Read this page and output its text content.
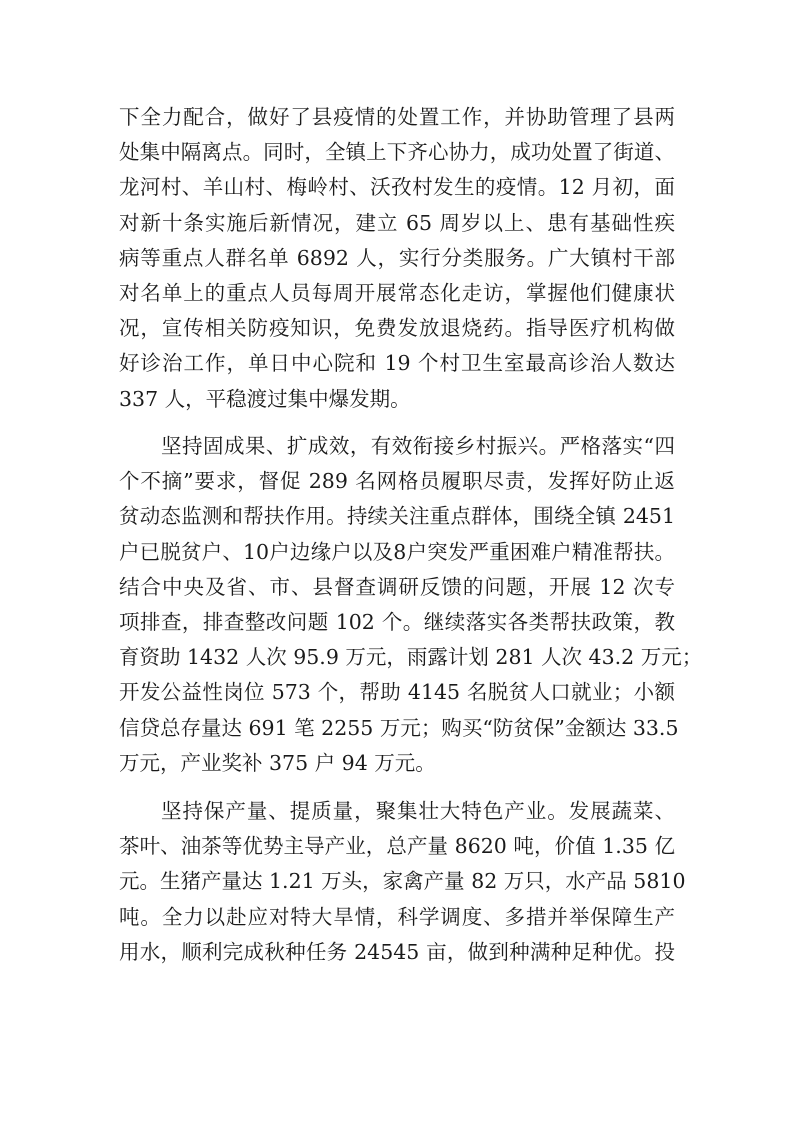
下全力配合，做好了县疫情的处置工作，并协助管理了县两
处集中隔离点。同时，全镇上下齐心协力，成功处置了街道、
龙河村、羊山村、梅岭村、沃孜村发生的疫情。12 月初，面
对新十条实施后新情况，建立 65 周岁以上、患有基础性疾
病等重点人群名单 6892 人，实行分类服务。广大镇村干部
对名单上的重点人员每周开展常态化走访，掌握他们健康状
况，宣传相关防疫知识，免费发放退烧药。指导医疗机构做
好诊治工作，单日中心院和 19 个村卫生室最高诊治人数达
337 人，平稳渡过集中爆发期。
坚持固成果、扩成效，有效衔接乡村振兴。严格落实“四
个不摘”要求，督促 289 名网格员履职尽责，发挥好防止返
贫动态监测和帮扶作用。持续关注重点群体，围绕全镇 2451
户已脱贫户、10户边缘户以及8户突发严重困难户精准帮扶。
结合中央及省、市、县督查调研反馈的问题，开展 12 次专
项排查，排查整改问题 102 个。继续落实各类帮扶政策，教
育资助 1432 人次 95.9 万元，雨露计划 281 人次 43.2 万元；
开发公益性岗位 573 个，帮助 4145 名脱贫人口就业；小额
信贷总存量达 691 笔 2255 万元；购买“防贫保”金额达 33.5
万元，产业奖补 375 户 94 万元。
坚持保产量、提质量，聚集壮大特色产业。发展蔬菜、
茶叶、油茶等优势主导产业，总产量 8620 吨，价值 1.35 亿
元。生猪产量达 1.21 万头，家禽产量 82 万只，水产品 5810
吨。全力以赴应对特大旱情，科学调度、多措并举保障生产
用水，顺利完成秋种任务 24545 亩，做到种满种足种优。投
